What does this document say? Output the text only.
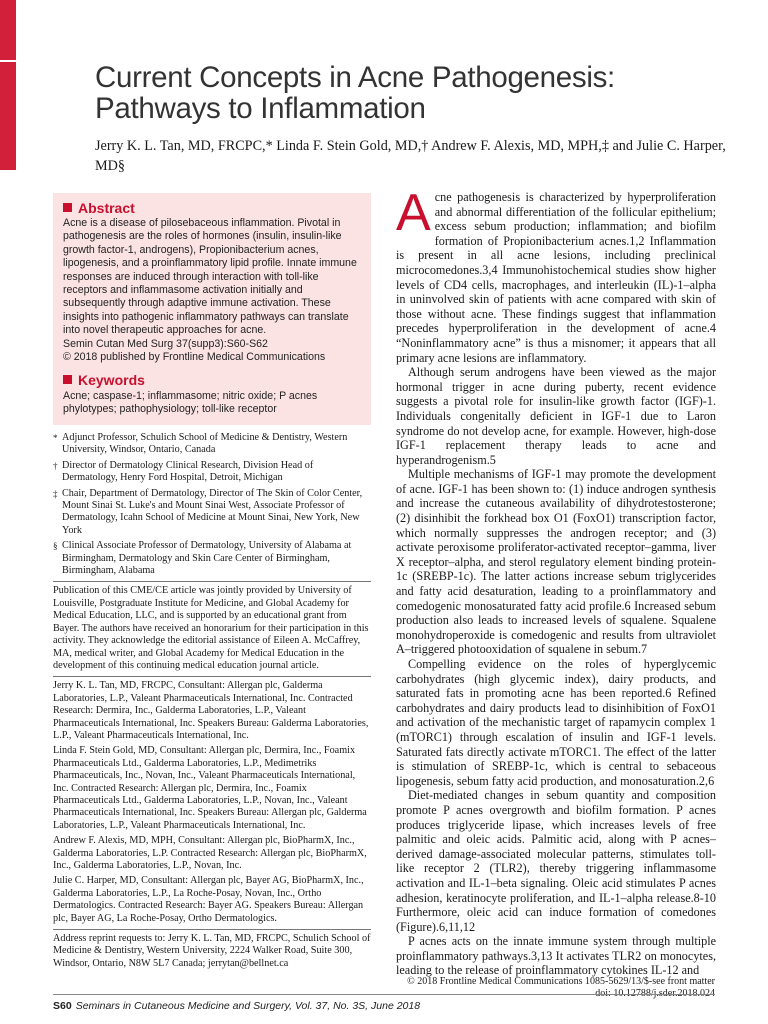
Current Concepts in Acne Pathogenesis: Pathways to Inflammation

Jerry K. L. Tan, MD, FRCPC,* Linda F. Stein Gold, MD,† Andrew F. Alexis, MD, MPH,‡ and Julie C. Harper, MD§

Abstract

Acne is a disease of pilosebaceous inflammation. Pivotal in pathogenesis are the roles of hormones (insulin, insulin-like growth factor-1, androgens), Propionibacterium acnes, lipogenesis, and a proinflammatory lipid profile. Innate immune responses are induced through interaction with toll-like receptors and inflammasome activation initially and subsequently through adaptive immune activation. These insights into pathogenic inflammatory pathways can translate into novel therapeutic approaches for acne.

Semin Cutan Med Surg 37(supp3):S60-S62

© 2018 published by Frontline Medical Communications

Keywords

Acne; caspase-1; inflammasome; nitric oxide; P acnes phylotypes; pathophysiology; toll-like receptor

* Adjunct Professor, Schulich School of Medicine & Dentistry, Western University, Windsor, Ontario, Canada

† Director of Dermatology Clinical Research, Division Head of Dermatology, Henry Ford Hospital, Detroit, Michigan

‡ Chair, Department of Dermatology, Director of The Skin of Color Center, Mount Sinai St. Luke's and Mount Sinai West, Associate Professor of Dermatology, Icahn School of Medicine at Mount Sinai, New York, New York

§ Clinical Associate Professor of Dermatology, University of Alabama at Birmingham, Dermatology and Skin Care Center of Birmingham, Birmingham, Alabama

Publication of this CME/CE article was jointly provided by University of Louisville, Postgraduate Institute for Medicine, and Global Academy for Medical Education, LLC, and is supported by an educational grant from Bayer. The authors have received an honorarium for their participation in this activity. They acknowledge the editorial assistance of Eileen A. McCaffrey, MA, medical writer, and Global Academy for Medical Education in the development of this continuing medical education journal article.

Jerry K. L. Tan, MD, FRCPC, Consultant: Allergan plc, Galderma Laboratories, L.P., Valeant Pharmaceuticals International, Inc. Contracted Research: Dermira, Inc., Galderma Laboratories, L.P., Valeant Pharmaceuticals International, Inc. Speakers Bureau: Galderma Laboratories, L.P., Valeant Pharmaceuticals International, Inc.

Linda F. Stein Gold, MD, Consultant: Allergan plc, Dermira, Inc., Foamix Pharmaceuticals Ltd., Galderma Laboratories, L.P., Medimetriks Pharmaceuticals, Inc., Novan, Inc., Valeant Pharmaceuticals International, Inc. Contracted Research: Allergan plc, Dermira, Inc., Foamix Pharmaceuticals Ltd., Galderma Laboratories, L.P., Novan, Inc., Valeant Pharmaceuticals International, Inc. Speakers Bureau: Allergan plc, Galderma Laboratories, L.P., Valeant Pharmaceuticals International, Inc.

Andrew F. Alexis, MD, MPH, Consultant: Allergan plc, BioPharmX, Inc., Galderma Laboratories, L.P. Contracted Research: Allergan plc, BioPharmX, Inc., Galderma Laboratories, L.P., Novan, Inc.

Julie C. Harper, MD, Consultant: Allergan plc, Bayer AG, BioPharmX, Inc., Galderma Laboratories, L.P., La Roche-Posay, Novan, Inc., Ortho Dermatologics. Contracted Research: Bayer AG. Speakers Bureau: Allergan plc, Bayer AG, La Roche-Posay, Ortho Dermatologics.

Address reprint requests to: Jerry K. L. Tan, MD, FRCPC, Schulich School of Medicine & Dentistry, Western University, 2224 Walker Road, Suite 300, Windsor, Ontario, N8W 5L7 Canada; jerrytan@bellnet.ca

A cne pathogenesis is characterized by hyperproliferation and abnormal differentiation of the follicular epithelium; excess sebum production; inflammation; and biofilm formation of Propionibacterium acnes.1,2 Inflammation is present in all acne lesions, including preclinical microcomedones.3,4 Immunohistochemical studies show higher levels of CD4 cells, macrophages, and interleukin (IL)-1–alpha in uninvolved skin of patients with acne compared with skin of those without acne. These findings suggest that inflammation precedes hyperproliferation in the development of acne.4 “Noninflammatory acne” is thus a misnomer; it appears that all primary acne lesions are inflammatory.

Although serum androgens have been viewed as the major hormonal trigger in acne during puberty, recent evidence suggests a pivotal role for insulin-like growth factor (IGF)-1. Individuals congenitally deficient in IGF-1 due to Laron syndrome do not develop acne, for example. However, high-dose IGF-1 replacement therapy leads to acne and hyperandrogenism.5

Multiple mechanisms of IGF-1 may promote the development of acne. IGF-1 has been shown to: (1) induce androgen synthesis and increase the cutaneous availability of dihydrotestosterone; (2) disinhibit the forkhead box O1 (FoxO1) transcription factor, which normally suppresses the androgen receptor; and (3) activate peroxisome proliferator-activated receptor–gamma, liver X receptor–alpha, and sterol regulatory element binding protein-1c (SREBP-1c). The latter actions increase sebum triglycerides and fatty acid desaturation, leading to a proinflammatory and comedogenic monosaturated fatty acid profile.6 Increased sebum production also leads to increased levels of squalene. Squalene monohydroperoxide is comedogenic and results from ultraviolet A–triggered photooxidation of squalene in sebum.7

Compelling evidence on the roles of hyperglycemic carbohydrates (high glycemic index), dairy products, and saturated fats in promoting acne has been reported.6 Refined carbohydrates and dairy products lead to disinhibition of FoxO1 and activation of the mechanistic target of rapamycin complex 1 (mTORC1) through escalation of insulin and IGF-1 levels. Saturated fats directly activate mTORC1. The effect of the latter is stimulation of SREBP-1c, which is central to sebaceous lipogenesis, sebum fatty acid production, and monosaturation.2,6

Diet-mediated changes in sebum quantity and composition promote P acnes overgrowth and biofilm formation. P acnes produces triglyceride lipase, which increases levels of free palmitic and oleic acids. Palmitic acid, along with P acnes–derived damage-associated molecular patterns, stimulates toll-like receptor 2 (TLR2), thereby triggering inflammasome activation and IL-1–beta signaling. Oleic acid stimulates P acnes adhesion, keratinocyte proliferation, and IL-1–alpha release.8-10 Furthermore, oleic acid can induce formation of comedones (Figure).6,11,12

P acnes acts on the innate immune system through multiple proinflammatory pathways.3,13 It activates TLR2 on monocytes, leading to the release of proinflammatory cytokines IL-12 and

© 2018 Frontline Medical Communications 1085-5629/13/$-see front matter
S60 Seminars in Cutaneous Medicine and Surgery, Vol. 37, No. 3S, June 2018
